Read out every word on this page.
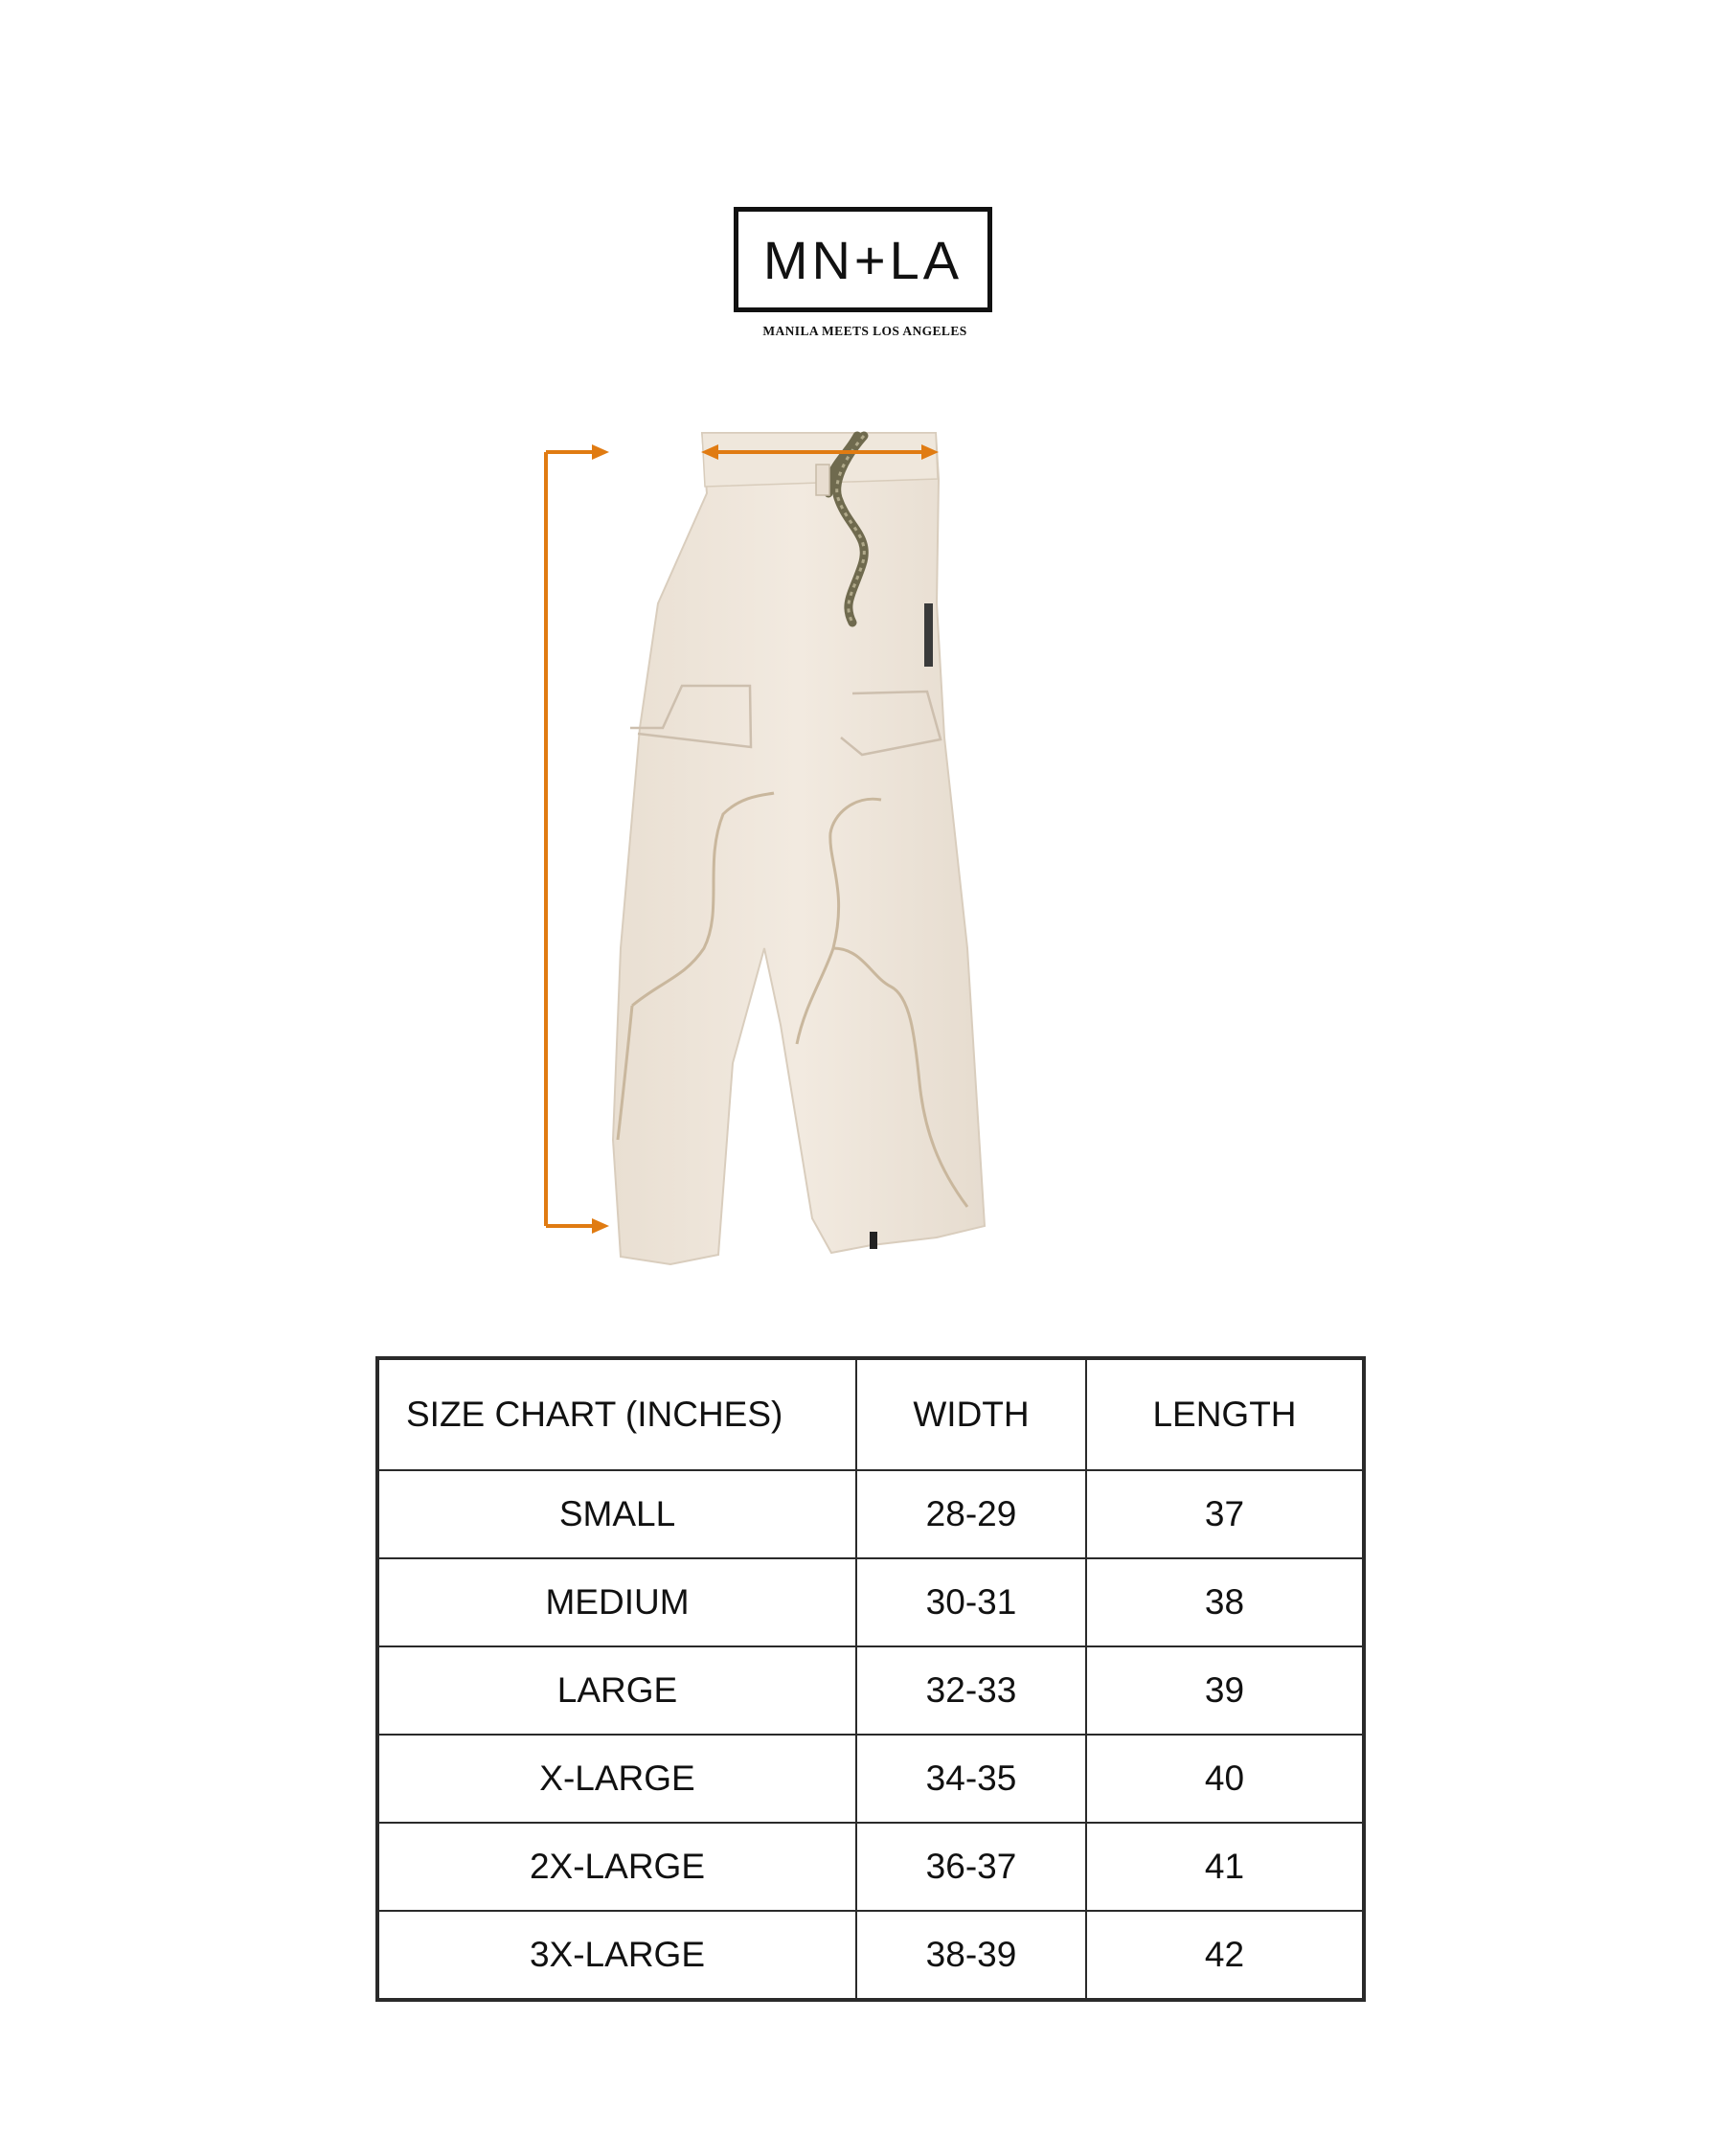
MN+LA
MANILA MEETS LOS ANGELES
SIZE CHART (INCHES)	WIDTH	LENGTH
SMALL	28-29	37
MEDIUM	30-31	38
LARGE	32-33	39
X-LARGE	34-35	40
2X-LARGE	36-37	41
3X-LARGE	38-39	42
